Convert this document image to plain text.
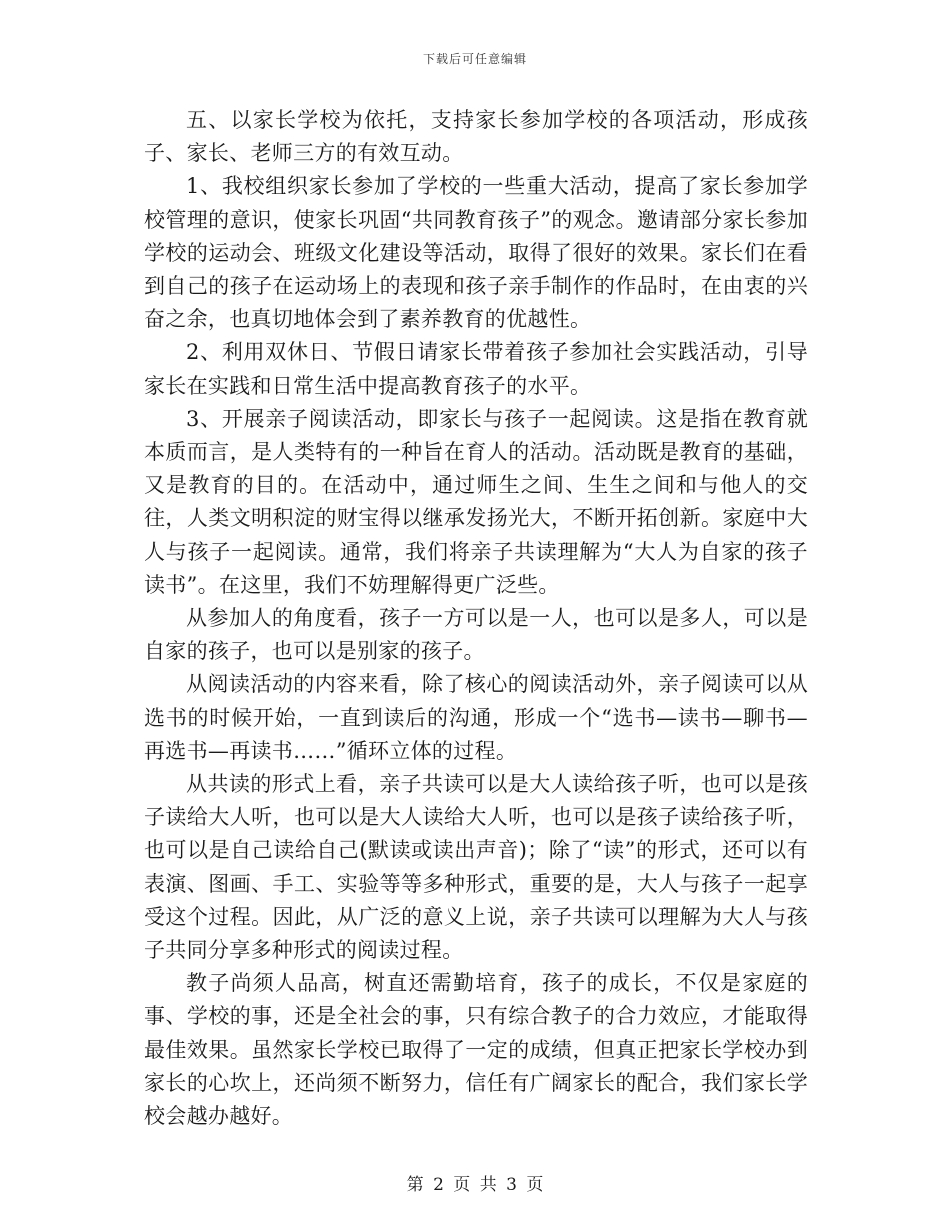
下载后可任意编辑

五、以家长学校为依托，支持家长参加学校的各项活动，形成孩子、家长、老师三方的有效互动。

1、我校组织家长参加了学校的一些重大活动，提高了家长参加学校管理的意识，使家长巩固“共同教育孩子”的观念。邀请部分家长参加学校的运动会、班级文化建设等活动，取得了很好的效果。家长们在看到自己的孩子在运动场上的表现和孩子亲手制作的作品时，在由衷的兴奋之余，也真切地体会到了素养教育的优越性。

2、利用双休日、节假日请家长带着孩子参加社会实践活动，引导家长在实践和日常生活中提高教育孩子的水平。

3、开展亲子阅读活动，即家长与孩子一起阅读。这是指在教育就本质而言，是人类特有的一种旨在育人的活动。活动既是教育的基础，又是教育的目的。在活动中，通过师生之间、生生之间和与他人的交往，人类文明积淀的财宝得以继承发扬光大，不断开拓创新。家庭中大人与孩子一起阅读。通常，我们将亲子共读理解为“大人为自家的孩子读书”。在这里，我们不妨理解得更广泛些。

从参加人的角度看，孩子一方可以是一人，也可以是多人，可以是自家的孩子，也可以是别家的孩子。

从阅读活动的内容来看，除了核心的阅读活动外，亲子阅读可以从选书的时候开始，一直到读后的沟通，形成一个“选书—读书—聊书—再选书—再读书……”循环立体的过程。

从共读的形式上看，亲子共读可以是大人读给孩子听，也可以是孩子读给大人听，也可以是大人读给大人听，也可以是孩子读给孩子听，也可以是自己读给自己(默读或读出声音)；除了“读”的形式，还可以有表演、图画、手工、实验等等多种形式，重要的是，大人与孩子一起享受这个过程。因此，从广泛的意义上说，亲子共读可以理解为大人与孩子共同分享多种形式的阅读过程。

教子尚须人品高，树直还需勤培育，孩子的成长，不仅是家庭的事、学校的事，还是全社会的事，只有综合教子的合力效应，才能取得最佳效果。虽然家长学校已取得了一定的成绩，但真正把家长学校办到家长的心坎上，还尚须不断努力，信任有广阔家长的配合，我们家长学校会越办越好。

第 2 页 共 3 页
